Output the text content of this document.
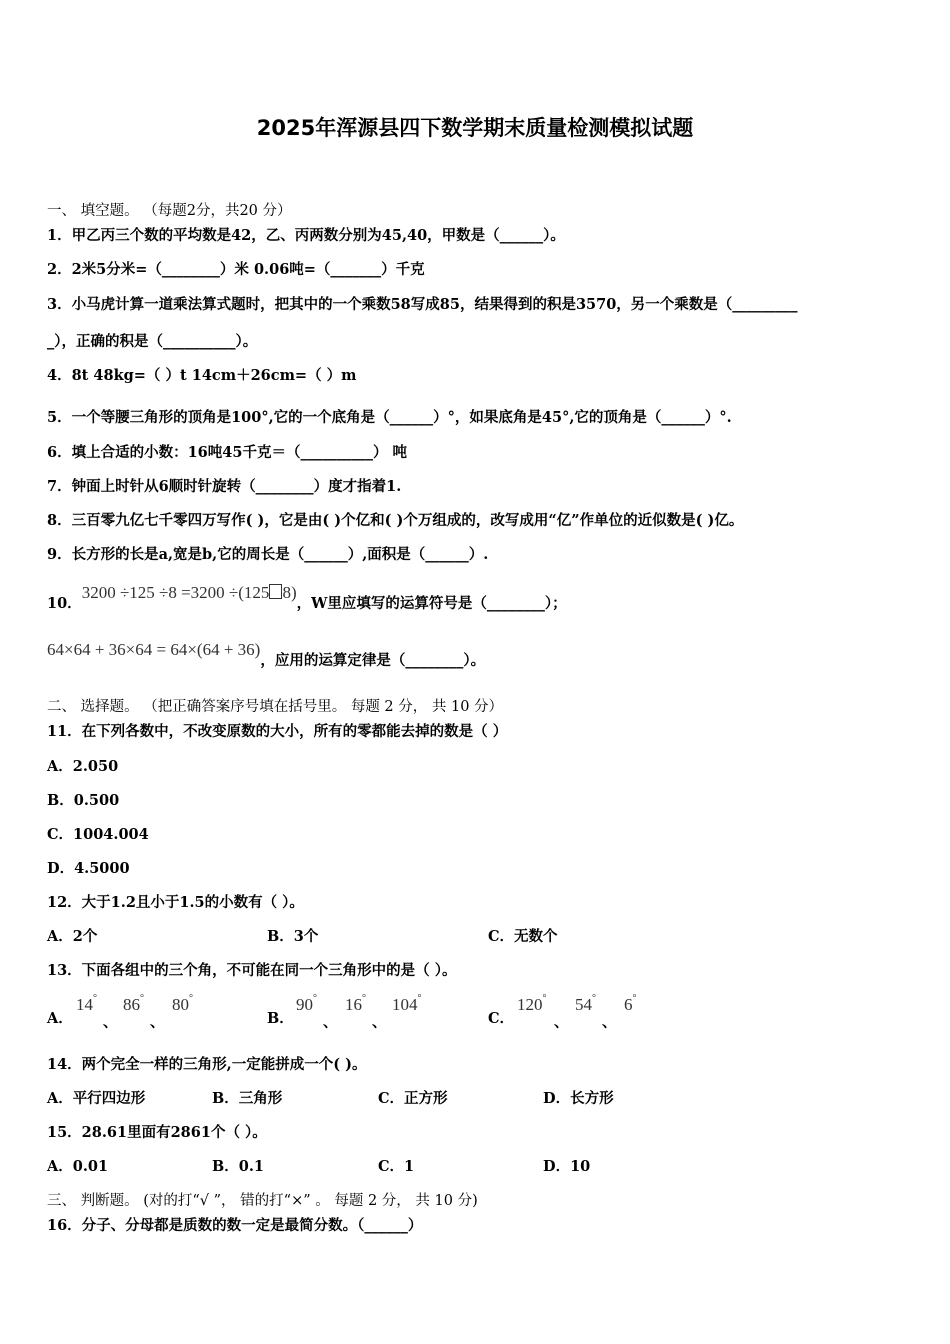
2025年浑源县四下数学期末质量检测模拟试题
一、 填空题。 （每题2分，共20 分）
1．甲乙丙三个数的平均数是42，乙、丙两数分别为45,40，甲数是（______）。
2．2米5分米=（________）米 0.06吨=（_______）千克
3．小马虎计算一道乘法算式题时，把其中的一个乘数58写成85，结果得到的积是3570，另一个乘数是（_________
_），正确的积是（__________）。
4．8t 48kg=（ ）t 14cm＋26cm=（ ）m
5．一个等腰三角形的顶角是100°,它的一个底角是（______）°，如果底角是45°,它的顶角是（______）°.
6．填上合适的小数：16吨45千克＝（__________） 吨
7．钟面上时针从6顺时针旋转（________）度才指着1.
8．三百零九亿七千零四万写作( )，它是由( )个亿和( )个万组成的，改写成用“亿”作单位的近似数是( )亿。
9．长方形的长是a,宽是b,它的周长是（______）,面积是（______）.
10．3200 ÷125 ÷8 =3200 ÷(125 8)，W里应填写的运算符号是（________）；
64×64 + 36×64 = 64×(64 + 36)，应用的运算定律是（________）。
二、 选择题。 （把正确答案序号填在括号里。 每题 2 分， 共 10 分）
11．在下列各数中，不改变原数的大小，所有的零都能去掉的数是（ ）
A．2.050
B．0.500
C．1004.004
D．4.5000
12．大于1.2且小于1.5的小数有（ ）。
A．2个	B．3个	C．无数个
13．下面各组中的三个角，不可能在同一个三角形中的是（ ）。
A．
14°
、
86°
、
80°
B．
90°
、
16°
、
104°
C．
120°
、
54°
、
6°
14．两个完全一样的三角形,一定能拼成一个( )。
A．平行四边形	B．三角形	C．正方形	D．长方形
15．28.61里面有2861个（ ）。
A．0.01	B．0.1	C．1	D．10
三、 判断题。 (对的打“√ ”， 错的打“×” 。 每题 2 分， 共 10 分)
16．分子、分母都是质数的数一定是最简分数。（______）
